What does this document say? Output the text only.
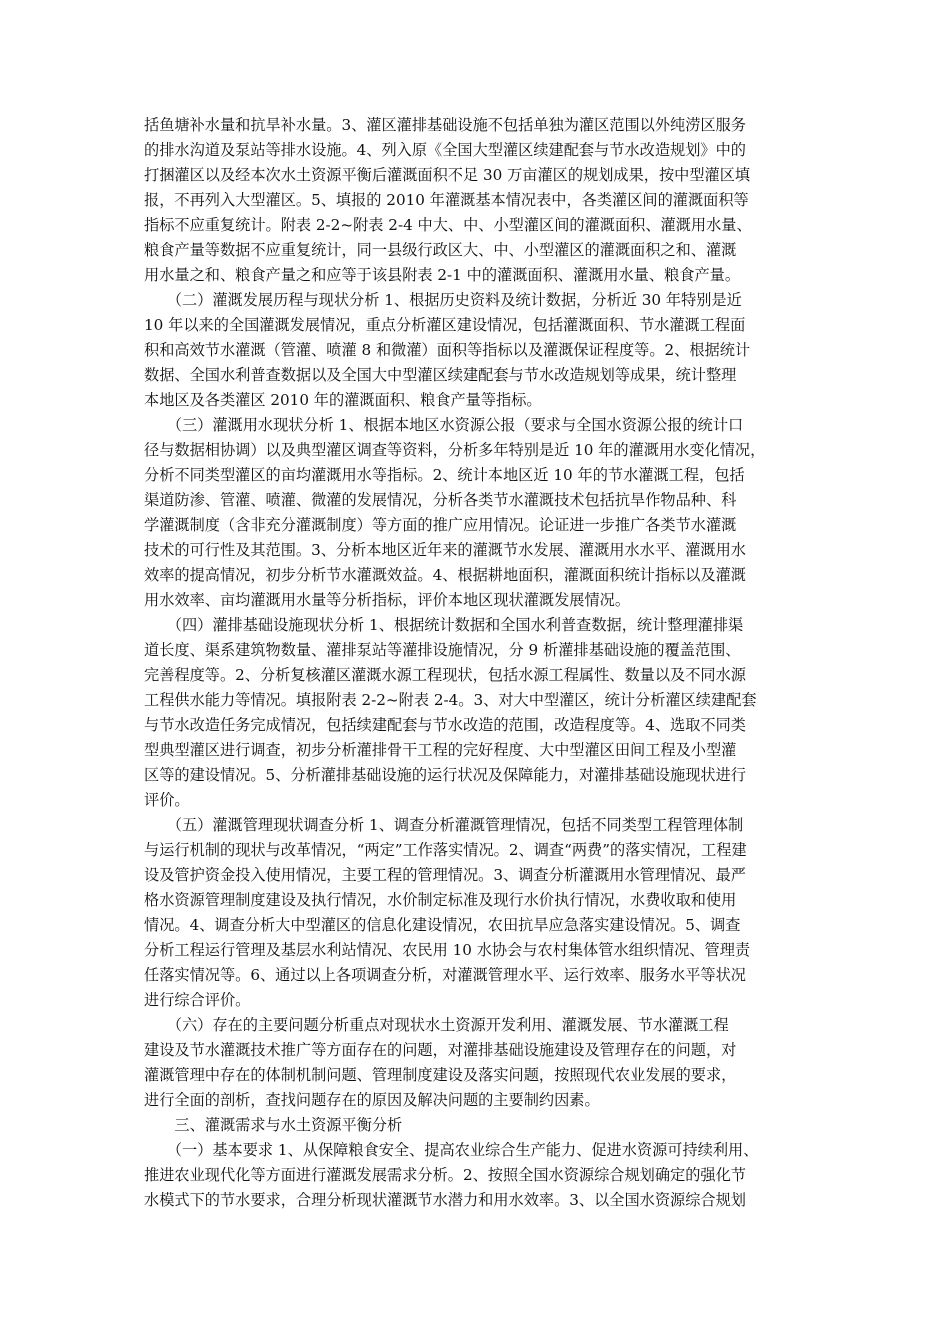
括鱼塘补水量和抗旱补水量。3、灌区灌排基础设施不包括单独为灌区范围以外纯涝区服务
的排水沟道及泵站等排水设施。4、列入原《全国大型灌区续建配套与节水改造规划》中的
打捆灌区以及经本次水土资源平衡后灌溉面积不足 30 万亩灌区的规划成果，按中型灌区填
报，不再列入大型灌区。5、填报的 2010 年灌溉基本情况表中，各类灌区间的灌溉面积等
指标不应重复统计。附表 2-2~附表 2-4 中大、中、小型灌区间的灌溉面积、灌溉用水量、
粮食产量等数据不应重复统计，同一县级行政区大、中、小型灌区的灌溉面积之和、灌溉
用水量之和、粮食产量之和应等于该县附表 2-1 中的灌溉面积、灌溉用水量、粮食产量。
　　（二）灌溉发展历程与现状分析 1、根据历史资料及统计数据，分析近 30 年特别是近
10 年以来的全国灌溉发展情况，重点分析灌区建设情况，包括灌溉面积、节水灌溉工程面
积和高效节水灌溉（管灌、喷灌 8 和微灌）面积等指标以及灌溉保证程度等。2、根据统计
数据、全国水利普查数据以及全国大中型灌区续建配套与节水改造规划等成果，统计整理
本地区及各类灌区 2010 年的灌溉面积、粮食产量等指标。
　　（三）灌溉用水现状分析 1、根据本地区水资源公报（要求与全国水资源公报的统计口
径与数据相协调）以及典型灌区调查等资料，分析多年特别是近 10 年的灌溉用水变化情况，
分析不同类型灌区的亩均灌溉用水等指标。2、统计本地区近 10 年的节水灌溉工程，包括
渠道防渗、管灌、喷灌、微灌的发展情况，分析各类节水灌溉技术包括抗旱作物品种、科
学灌溉制度（含非充分灌溉制度）等方面的推广应用情况。论证进一步推广各类节水灌溉
技术的可行性及其范围。3、分析本地区近年来的灌溉节水发展、灌溉用水水平、灌溉用水
效率的提高情况，初步分析节水灌溉效益。4、根据耕地面积，灌溉面积统计指标以及灌溉
用水效率、亩均灌溉用水量等分析指标，评价本地区现状灌溉发展情况。
　　（四）灌排基础设施现状分析 1、根据统计数据和全国水利普查数据，统计整理灌排渠
道长度、渠系建筑物数量、灌排泵站等灌排设施情况，分 9 析灌排基础设施的覆盖范围、
完善程度等。2、分析复核灌区灌溉水源工程现状，包括水源工程属性、数量以及不同水源
工程供水能力等情况。填报附表 2-2~附表 2-4。3、对大中型灌区，统计分析灌区续建配套
与节水改造任务完成情况，包括续建配套与节水改造的范围，改造程度等。4、选取不同类
型典型灌区进行调查，初步分析灌排骨干工程的完好程度、大中型灌区田间工程及小型灌
区等的建设情况。5、分析灌排基础设施的运行状况及保障能力，对灌排基础设施现状进行
评价。
　　（五）灌溉管理现状调查分析 1、调查分析灌溉管理情况，包括不同类型工程管理体制
与运行机制的现状与改革情况，“两定”工作落实情况。2、调查“两费”的落实情况，工程建
设及管护资金投入使用情况，主要工程的管理情况。3、调查分析灌溉用水管理情况、最严
格水资源管理制度建设及执行情况，水价制定标准及现行水价执行情况，水费收取和使用
情况。4、调查分析大中型灌区的信息化建设情况，农田抗旱应急落实建设情况。5、调查
分析工程运行管理及基层水利站情况、农民用 10 水协会与农村集体管水组织情况、管理责
任落实情况等。6、通过以上各项调查分析，对灌溉管理水平、运行效率、服务水平等状况
进行综合评价。
　　（六）存在的主要问题分析重点对现状水土资源开发利用、灌溉发展、节水灌溉工程
建设及节水灌溉技术推广等方面存在的问题，对灌排基础设施建设及管理存在的问题，对
灌溉管理中存在的体制机制问题、管理制度建设及落实问题，按照现代农业发展的要求，
进行全面的剖析，查找问题存在的原因及解决问题的主要制约因素。
　　三、灌溉需求与水土资源平衡分析
　　（一）基本要求 1、从保障粮食安全、提高农业综合生产能力、促进水资源可持续利用、
推进农业现代化等方面进行灌溉发展需求分析。2、按照全国水资源综合规划确定的强化节
水模式下的节水要求，合理分析现状灌溉节水潜力和用水效率。3、以全国水资源综合规划
